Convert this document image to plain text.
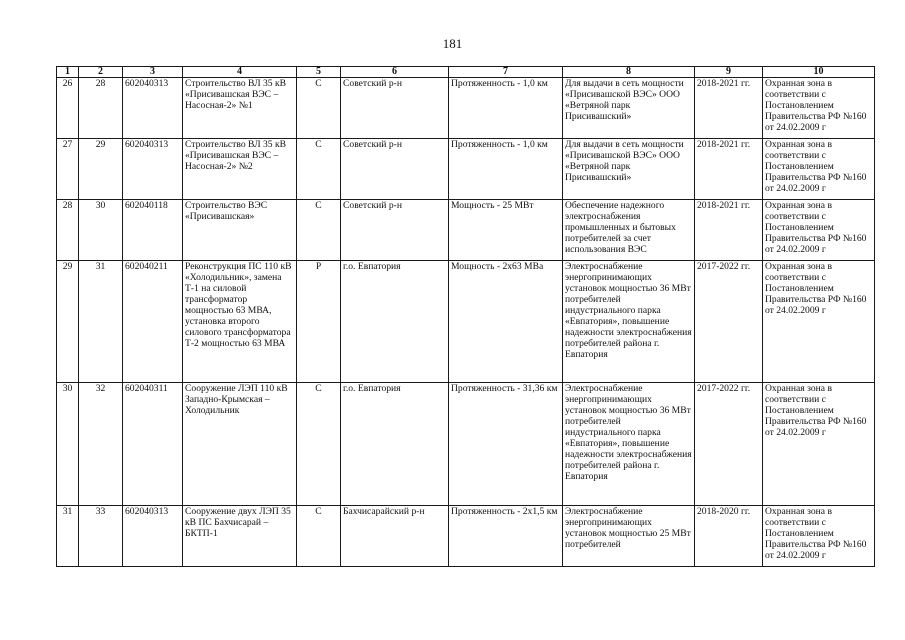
181
1	2	3	4	5	6	7	8	9	10
26	28	602040313	Строительство ВЛ 35 кВ «Присивашская ВЭС – Насосная-2» №1	С	Советский р-н	Протяженность - 1,0 км	Для выдачи в сеть мощности «Присивашской ВЭС» ООО «Ветряной парк Присивашский»	2018-2021 гг.	Охранная зона в соответствии с Постановлением Правительства РФ №160 от 24.02.2009 г
27	29	602040313	Строительство ВЛ 35 кВ «Присивашская ВЭС – Насосная-2» №2	С	Советский р-н	Протяженность - 1,0 км	Для выдачи в сеть мощности «Присивашской ВЭС» ООО «Ветряной парк Присивашский»	2018-2021 гг.	Охранная зона в соответствии с Постановлением Правительства РФ №160 от 24.02.2009 г
28	30	602040118	Строительство ВЭС «Присивашская»	С	Советский р-н	Мощность - 25 МВт	Обеспечение надежного электроснабжения промышленных и бытовых потребителей за счет использования ВЭС	2018-2021 гг.	Охранная зона в соответствии с Постановлением Правительства РФ №160 от 24.02.2009 г
29	31	602040211	Реконструкция ПС 110 кВ «Холодильник», замена Т-1 на силовой трансформатор мощностью 63 МВА, установка второго силового трансформатора Т-2 мощностью 63 МВА	Р	г.о. Евпатория	Мощность - 2х63 МВа	Электроснабжение энергопринимающих установок мощностью 36 МВт потребителей индустриального парка «Евпатория», повышение надежности электроснабжения потребителей района г. Евпатория	2017-2022 гг.	Охранная зона в соответствии с Постановлением Правительства РФ №160 от 24.02.2009 г
30	32	602040311	Сооружение ЛЭП 110 кВ Западно-Крымская – Холодильник	С	г.о. Евпатория	Протяженность - 31,36 км	Электроснабжение энергопринимающих установок мощностью 36 МВт потребителей индустриального парка «Евпатория», повышение надежности электроснабжения потребителей района г. Евпатория	2017-2022 гг.	Охранная зона в соответствии с Постановлением Правительства РФ №160 от 24.02.2009 г
31	33	602040313	Сооружение двух ЛЭП 35 кВ ПС Бахчисарай – БКТП-1	С	Бахчисарайский р-н	Протяженность - 2х1,5 км	Электроснабжение энергопринимающих установок мощностью 25 МВт потребителей	2018-2020 гг.	Охранная зона в соответствии с Постановлением Правительства РФ №160 от 24.02.2009 г
